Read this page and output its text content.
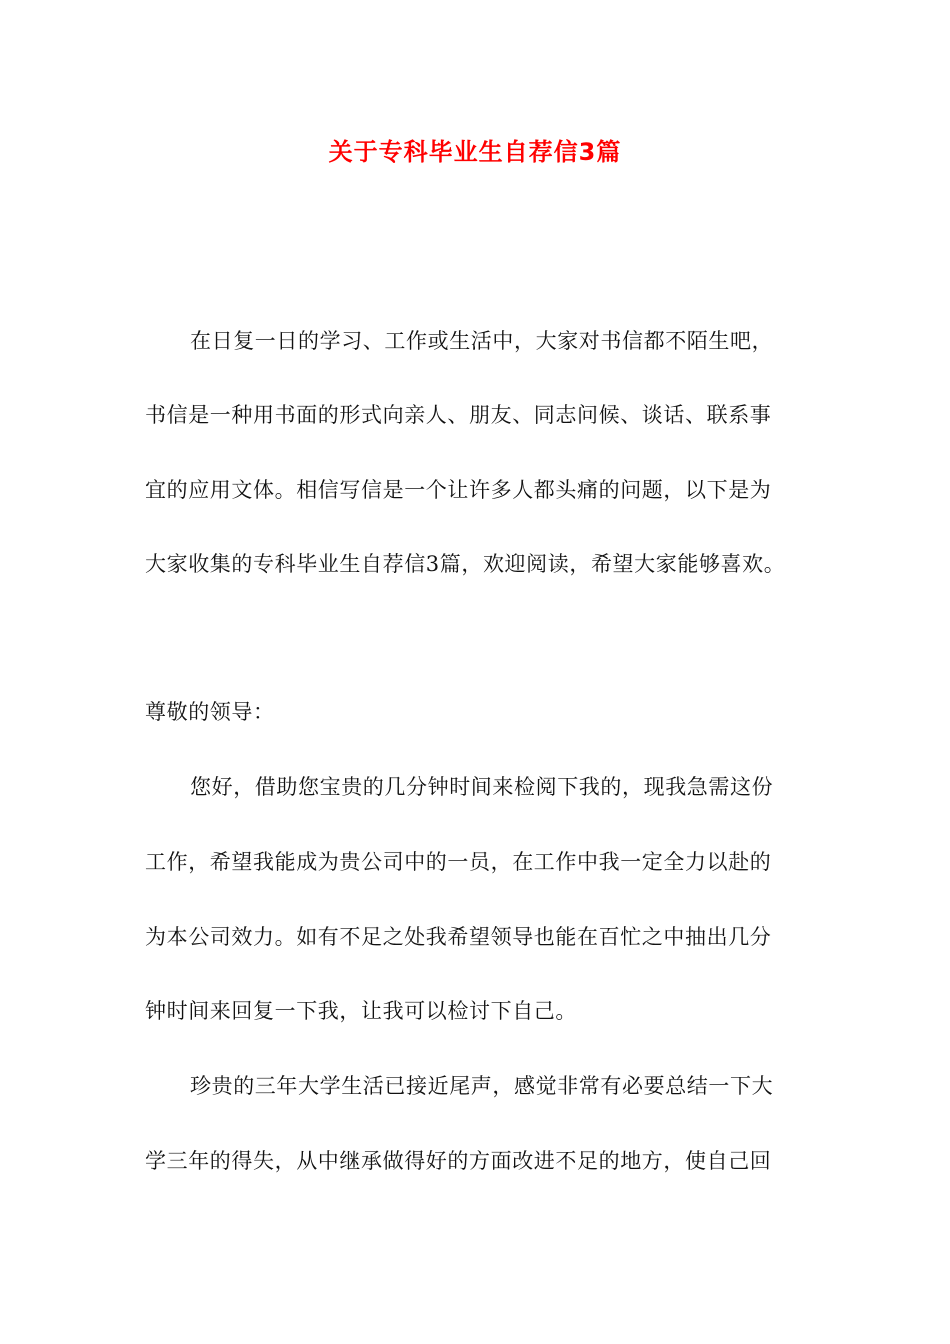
关于专科毕业生自荐信3篇
在日复一日的学习、工作或生活中，大家对书信都不陌生吧，
书信是一种用书面的形式向亲人、朋友、同志问候、谈话、联系事
宜的应用文体。相信写信是一个让许多人都头痛的问题，以下是为
大家收集的专科毕业生自荐信3篇，欢迎阅读，希望大家能够喜欢。
尊敬的领导：
您好，借助您宝贵的几分钟时间来检阅下我的，现我急需这份
工作，希望我能成为贵公司中的一员，在工作中我一定全力以赴的
为本公司效力。如有不足之处我希望领导也能在百忙之中抽出几分
钟时间来回复一下我，让我可以检讨下自己。
珍贵的三年大学生活已接近尾声，感觉非常有必要总结一下大
学三年的得失，从中继承做得好的方面改进不足的地方，使自己回
